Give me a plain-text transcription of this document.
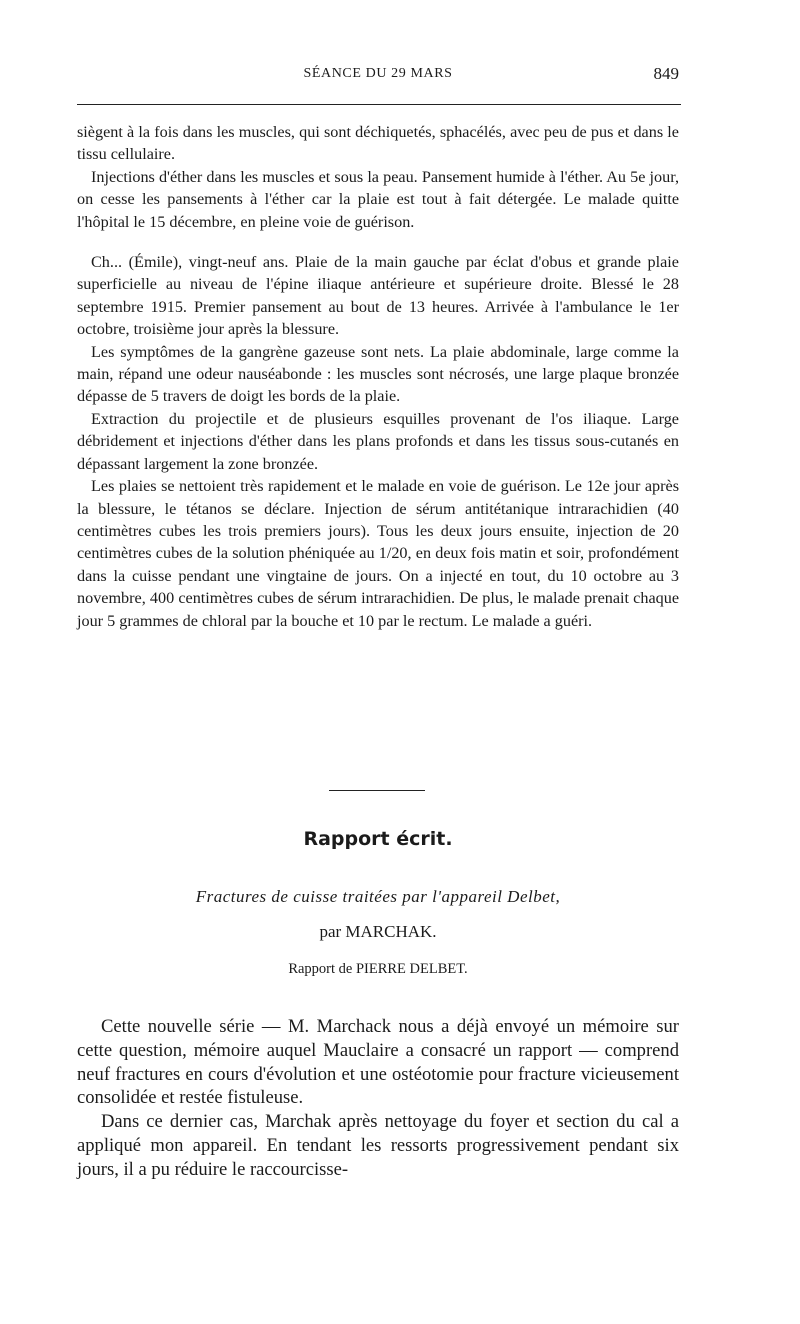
SÉANCE DU 29 MARS	849

siègent à la fois dans les muscles, qui sont déchiquetés, sphacélés, avec peu de pus et dans le tissu cellulaire.

Injections d'éther dans les muscles et sous la peau. Pansement humide à l'éther. Au 5e jour, on cesse les pansements à l'éther car la plaie est tout à fait détergée. Le malade quitte l'hôpital le 15 décembre, en pleine voie de guérison.

Ch... (Émile), vingt-neuf ans. Plaie de la main gauche par éclat d'obus et grande plaie superficielle au niveau de l'épine iliaque antérieure et supérieure droite. Blessé le 28 septembre 1915. Premier pansement au bout de 13 heures. Arrivée à l'ambulance le 1er octobre, troisième jour après la blessure.

Les symptômes de la gangrène gazeuse sont nets. La plaie abdominale, large comme la main, répand une odeur nauséabonde : les muscles sont nécrosés, une large plaque bronzée dépasse de 5 travers de doigt les bords de la plaie.

Extraction du projectile et de plusieurs esquilles provenant de l'os iliaque. Large débridement et injections d'éther dans les plans profonds et dans les tissus sous-cutanés en dépassant largement la zone bronzée.

Les plaies se nettoient très rapidement et le malade en voie de guérison. Le 12e jour après la blessure, le tétanos se déclare. Injection de sérum antitétanique intrarachidien (40 centimètres cubes les trois premiers jours). Tous les deux jours ensuite, injection de 20 centimètres cubes de la solution phéniquée au 1/20, en deux fois matin et soir, profondément dans la cuisse pendant une vingtaine de jours. On a injecté en tout, du 10 octobre au 3 novembre, 400 centimètres cubes de sérum intrarachidien. De plus, le malade prenait chaque jour 5 grammes de chloral par la bouche et 10 par le rectum. Le malade a guéri.

Rapport écrit.
Fractures de cuisse traitées par l'appareil Delbet,
par MARCHAK.
Rapport de PIERRE DELBET.

Cette nouvelle série — M. Marchack nous a déjà envoyé un mémoire sur cette question, mémoire auquel Mauclaire a consacré un rapport — comprend neuf fractures en cours d'évolution et une ostéotomie pour fracture vicieusement consolidée et restée fistuleuse.

Dans ce dernier cas, Marchak après nettoyage du foyer et section du cal a appliqué mon appareil. En tendant les ressorts progressivement pendant six jours, il a pu réduire le raccourcisse-
